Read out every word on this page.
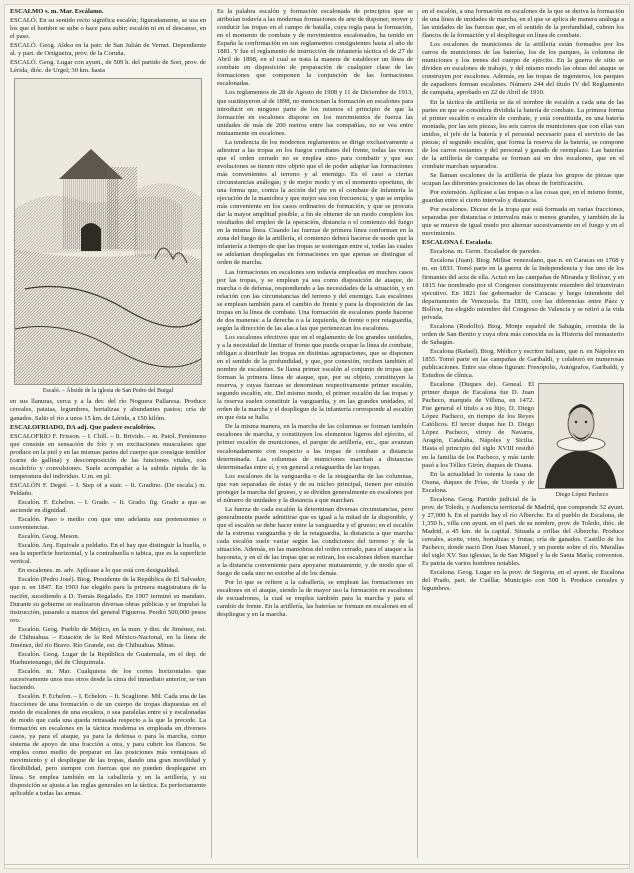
ESCALMO s. m. Mar. Escálamo.

ESCALÓ. En su sentido recto significa escalón; figuradamente, se usa en los que el hombre se sube o hace para subir; escalón ni en el descanso, en el paso.

ESCALÓ. Geog. Aldea en la parr. de San Julián de Vernet. Dependiente al. y part. de Ortigueira, prov. de la Coruña.

ESCALÓ. Geog. Lugar con ayunt., de 509 h. del partido de Sort, prov. de Lérida, dióc. de Urgel; 30 km. hasta

Escaló. – Ábside de la iglesia de San Pedro del Burgal

en sus llanuras, cerca y a la der. del río Noguera Pallaresa. Produce cereales, patatas, legumbres, hortalizas y abundantes pastos; cría de ganados. Salto el río a unos 15 km. de Lérida, a 150 kilóm.

ESCALOFRIADO, DA adj. Que padece escalofríos.

ESCALOFRÍO F. Frisson. – I. Chill. – It. Brivido. – m. Patol. Fenómeno que consiste en sensación de frío y en excitaciones musculares que produce en la piel y en las mismas partes del cuerpo que consigue temblor (carne de gallina) y descomposición de las funciones vitales, con escalofrío y convulsiones. Suele acompañar a la subida rápida de la temperatura del individuo. U.m. en pl.

ESCALÓN F. Degré. – I. Step of a stair. – It. Gradino. (De escala.) m. Peldaño.

Escalón. F. Echelon. – I. Grade. – It. Grado. fig. Grado a que se asciende en dignidad.

Escalón. Paso o medio con que uno adelanta sus pretensiones o conveniencias.

Escalón. Geog. Meson.

Escalón. Arq. Equivale a peldaño. En el hay que distinguir la huella, o sea la superficie horizontal, y la contrahuella o tabica, que es la superficie vertical.

En escalones. m. adv. Aplícase a lo que está con desigualdad.

Escalón (Pedro José). Biog. Presidente de la República de El Salvador, que n. en 1847. En 1903 fue elegido para la primera magistratura de la nación, sucediendo a D. Tomás Regalado. En 1907 terminó su mandato. Durante su gobierno se realizaron diversas obras públicas y se impulsó la instrucción, pasando a manos del general Figueroa. Perdió 500,000 pesos oro.

Escalón. Geog. Pueblo de Méjico, en la mun. y dist. de Jiménez, est. de Chihuahua. – Estación de la Red México-Nacional, en la línea de Jiménez, del río Bravo. Río Grande, est. de Chihuahua. Minas.

Escalón. Geog. Lugar de la República de Guatemala, en el dep. de Huehuetenango, del de Chiquimula.

Escalón. m. Mar. Cualquiera de los cortes horizontales que sucesivamente unos tras otros desde la cima del inmediato anterior, se van haciendo.

Escalón. F. Echelon. – I. Echelon. – It. Scaglione. Mil. Cada una de las fracciones de una formación o de un cuerpo de tropas dispuestas en el modo de escalones de una escalera, o sea paralelas entre sí y escalonadas de modo que cada una queda retrasada respecto a la que la precede. La formación en escalones en la táctica moderna es empleada en diversos casos, ya para el ataque, ya para la defensa o para la marcha, como sistema de apoyo de una fracción a otra, y para cubrir los flancos. Se emplea como medio de preparar en las posiciones más ventajosas el movimiento y el despliegue de las tropas, dando una gran movilidad y flexibilidad, pero siempre con fuerzas que no pueden desplegarse en línea. Se emplea también en la caballería y en la artillería, y su disposición se ajusta a las reglas generales en la táctica. Es perfectamente aplicable a todas las armas.

Es la palabra escalón y formación escalonada de principios que se atribuían todavía a las modernas formaciones de arte de disponer, mover y conducir las tropas en el campo de batalla, cuya regla para la formación, en el momento de combate y de movimientos escalonados, ha tenido en España la confirmación en sus reglamentos consiguientes hasta el año de 1881. Y fue el reglamento de instrucción de infantería táctica el de 27 de Abril de 1898, en el cual se trata la manera de establecer un línea de combate en disposición de preparación de cualquier clase de las formaciones que componen la conjunción de las formaciones escalonadas.

Los reglamentos de 28 de Agosto de 1908 y 11 de Diciembre de 1913, que sustituyeron al de 1898, no mencionan la formación en escalones para introducir en ninguno parte de los mismos el principio de que la formación en escalones dispone en los movimientos de fuerza las unidades de más de 200 metros entre las compañías, no se vea entre mutuamente en escalones.

La tendencia de los modernos reglamentos se dirige exclusivamente a adiestrar a las tropas en los fuegos combates del frente, todas las veces que el orden cerrado no se emplea sino para combatir y que sus evoluciones se tienen otro objeto que el de poder adaptar las formaciones más convenientes al terreno y al enemigo. Es el caso a ciertas circunstancias análogas; y de mejor modo y en el momento oportuno, de una forma que, contra la acción del pie en el combate de infantería la ejecución de la maniobra y que mejor sea con frecuencia, y que se emplea más conveniente en los casos ordinarios de formación, y que se procura dar la mayor amplitud posible, a fin de obtener de un modo completo los resultados del empleo de la operación, distancia o el comienzo del fuego en la misma línea. Cuando las fuerzas de primera línea conforman en la zona del fuego de la artillería, el comienzo deberá hacerse de modo que la infantería a tiempo de que las tropas se sostengan entre sí, todas las cuales se adelantan desplegadas en formaciones en que apenas se distingue el orden de marcha.

Las formaciones en escalones son todavía empleadas en muchos casos por las tropas, y se emplean ya sea como disposición de ataque, de marcha o de defensa, respondiendo a las necesidades de la situación, y en relación con las circunstancias del terreno y del enemigo. Las escalones se emplean también para el cambio de frente y para la disposición de las tropas en la línea de combate. Una formación de escalones puede hacerse de dos maneras: a la derecha o a la izquierda, de frente o por retaguardia, según la dirección de las alas a las que pertenezcan los escalones.

Los escalones efectivos que en el reglamento de los grandes unidades, y a la necesidad de limitar el frente que pueda ocupar la línea de combate, obligan a distribuir las tropas en distintas agrupaciones, que se disponen en el sentido de la profundidad, y que, por conexión, reciben también el nombre de escalones. Se llama primer escalón al conjunto de tropas que forman la primera línea de ataque, que, por su objeto, constituyen la reserva, y cuyas fuerzas se denominan respectivamente primer escalón, segundo escalón, etc. Del mismo modo, el primer escalón de las tropas y la reserva suelen constituir la vanguardia, y en las grandes unidades, el orden de la marcha y el despliegue de la infantería corresponde al escalón en que ésta se halla.

De la misma manera, en la marcha de las columnas se forman también escalones de marcha, y constituyen los elementos ligeros del ejército, el primer escalón de municiones, el parque de artillería, etc., que avanzan escalonadamente con respecto a las tropas de combate a distancia determinada. Las columnas de municiones marchan a distancias determinadas entre sí, y en general a retaguardia de las tropas.

Los escalones de la vanguardia o de la retaguardia de las columnas, que van separadas de éstas y de su núcleo principal, tienen por misión proteger la marcha del grueso, y se dividen generalmente en escalones por el número de unidades y la distancia a que marchan.

La fuerza de cada escalón la determinan diversas circunstancias, pero generalmente puede admitirse que es igual a la mitad de la disponible, y que el escalón se debe hacer entre la vanguardia y el grueso; en el escalón de la extrema vanguardia y de la retaguardia, la distancia a que marcha cada escalón suele variar según las condiciones del terreno y de la situación. Además, en las maniobras del orden cerrado, para el ataque a la bayoneta, y en el de las tropas que se retiran, los escalones deben marchar a la distancia conveniente para apoyarse mutuamente, y de modo que el fuego de cada uno no estorbe al de los demás.

Por lo que se refiere a la caballería, se emplean las formaciones en escalones en el ataque, siendo la de mayor uso la formación en escalones de escuadrones, la cual se emplea también para la marcha y para el cambio de frente. En la artillería, las baterías se forman en escalones en el despliegue y en la marcha.

en el escalón, a una formación en escalones de la que se deriva la formación de una línea de unidades de marcha, en el que se aplica de manera análoga a las unidades de las fuerzas que, en el sentido de la profundidad, cubren los flancos de la formación y el despliegue en línea de combate.

Los escalones de municiones de la artillería están formados por los carros de municiones de las baterías, los de los parques, la columna de municiones y los trenes del cuerpo de ejército. En la guerra de sitio se dividen en escalones de trabajo, y del mismo modo las obras del ataque se construyen por escalones. Además, en las tropas de ingenieros, los parques de zapadores forman escalones. Número 244 del título IV del Reglamento de campaña, aprobado en 22 de Abril de 1910.

En la táctica de artillería se da el nombre de escalón a cada una de las partes en que se considera dividida la batería de combate. La primera forma el primer escalón o escalón de combate, y está constituida, en una batería montada, por las seis piezas, los seis carros de municiones que con ellas van unidos, el jefe de la batería y el personal necesario para el servicio de las piezas; el segundo escalón, que forma la reserva de la batería, se compone de los carros restantes y del personal y ganado de reemplazo. Las baterías de la artillería de campaña se forman así en dos escalones, que en el combate marchan separados.

Se llaman escalones de la artillería de plaza los grupos de piezas que ocupan las diferentes posiciones de las obras de fortificación.

Por extensión. Aplícase a las tropas o a las cosas que, en el mismo frente, guardan entre sí cierto intervalo y distancia.

Por escalones. Dícese de la tropa que está formada en varias fracciones, separadas por distancias o intervalos más o menos grandes, y también de la que se mueve de igual modo por alternar sucesivamente en el fuego y en el movimiento.

ESCALONA f. Escalada.

Escalona. m. Germ. Escalador de paredes.

Escalona (Juan). Biog. Militar venezolano, que n. en Caracas en 1768 y m. en 1833. Tomó parte en la guerra de la Independencia y fue uno de los firmantes del acta de ella. Actuó en las campañas de Miranda y Bolívar, y en 1815 fue nombrado por el Congreso constituyente miembro del triunvirato ejecutivo. En 1821 fue gobernador de Caracas y luego intendente del departamento de Venezuela. En 1830, con las diferencias entre Páez y Bolívar, fue elegido miembro del Congreso de Valencia y se retiró a la vida privada.

Escalona (Rodolfo). Biog. Monje español de Sahagún, cronista de la orden de San Benito y cuya obra más conocida es la Historia del monasterio de Sahagún.

Escalona (Rafael). Biog. Médico y escritor italiano, que n. en Nápoles en 1855. Tomó parte en las campañas de Garibaldi, y colaboró en numerosas publicaciones. Entre sus obras figuran: Frenópolis, Autógrafos, Garibaldi, y Estudios de clínica.

Diego López Pacheco

Escalona (Duques de). Geneal. El primer duque de Escalona fue D. Juan Pacheco, marqués de Villena, en 1472. Fue general el título a su hijo, D. Diego López Pacheco, en tiempo de los Reyes Católicos. El tercer duque fue D. Diego López Pacheco, virrey de Navarra, Aragón, Cataluña, Nápoles y Sicilia. Hasta el principio del siglo XVIII residió en la familia de los Pacheco, y más tarde pasó a los Téllez Girón, duques de Osuna.

En la actualidad lo ostenta la casa de Osuna, duques de Frías, de Uceda y de Escalona.

Escalona. Geog. Partido judicial de la prov. de Toledo, y Audiencia territorial de Madrid, que comprende 32 ayunt. y 27,000 h. En el partido hay el río Alberche. Es el pueblo de Escalona, de 1,350 h., villa con ayunt. en el part. de su nombre, prov. de Toledo, dióc. de Madrid, a 45 km. de la capital. Situada a orillas del Alberche. Produce cereales, aceite, vino, hortalizas y frutas; cría de ganados. Castillo de los Pacheco, donde nació Don Juan Manuel, y un puente sobre el río. Murallas del siglo XV. Sus iglesias, la de San Miguel y la de Santa María; conventos. Es patria de varios hombres notables.

Escalona. Geog. Lugar en la prov. de Segovia, en el ayunt. de Escalona del Prado, part. de Cuéllar. Municipio con 500 h. Produce cereales y legumbres.
